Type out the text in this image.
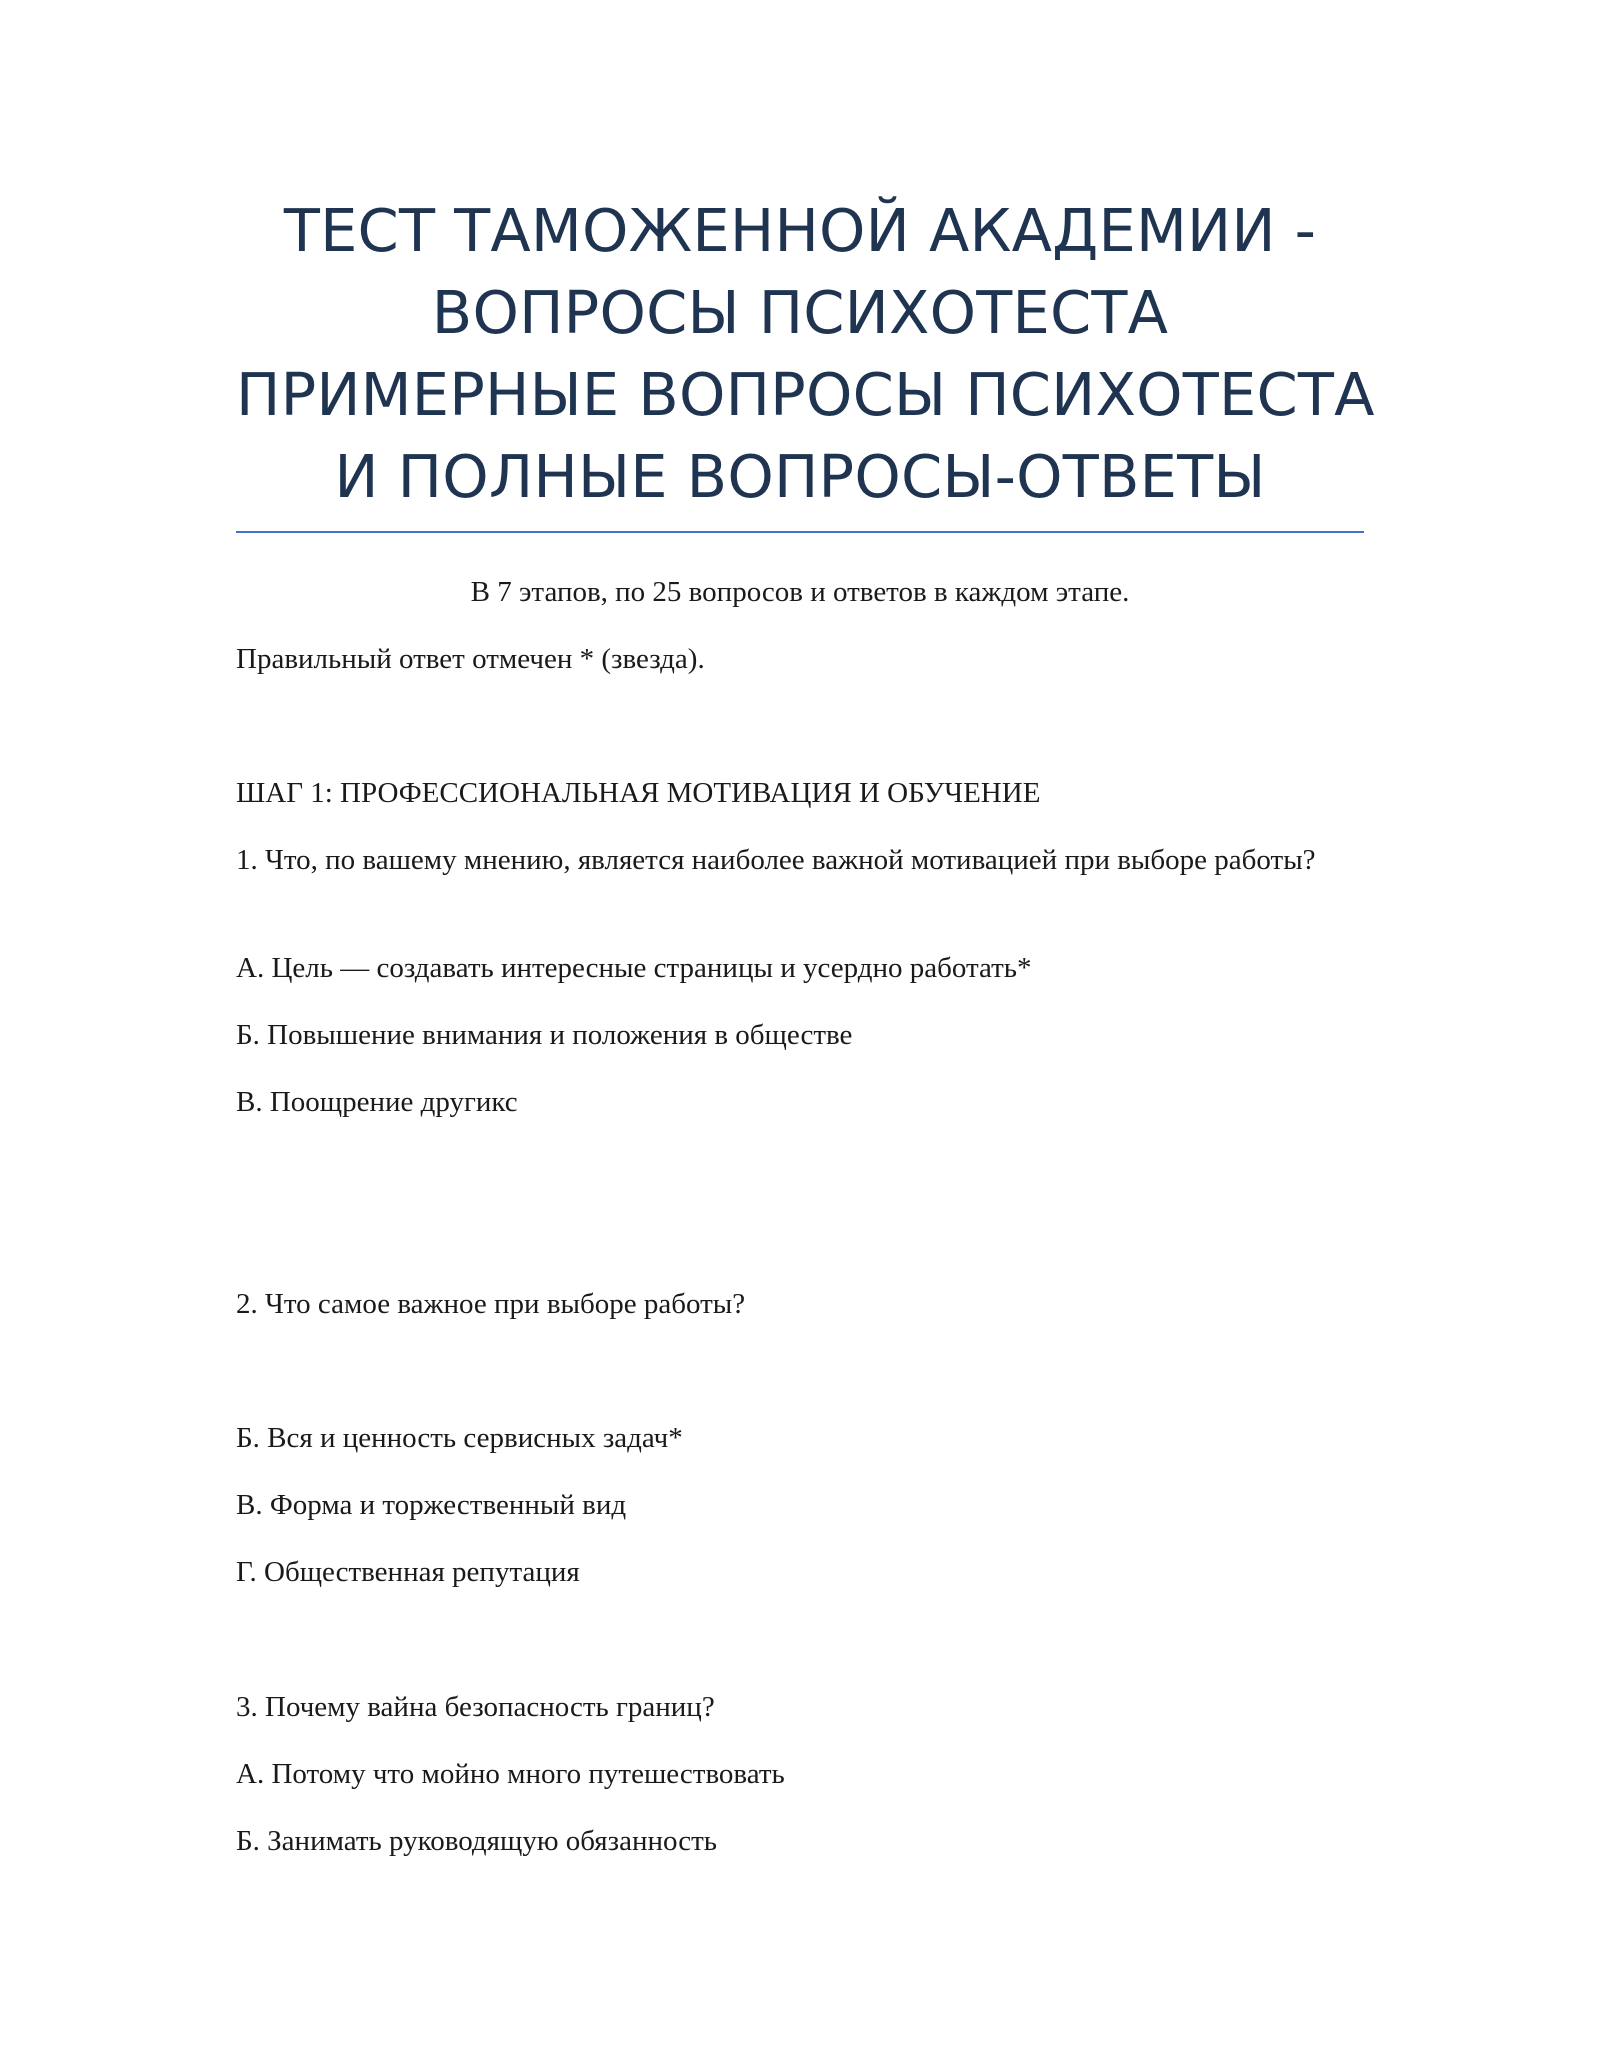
ТЕСТ ТАМОЖЕННОЙ АКАДЕМИИ -
ВОПРОСЫ ПСИХОТЕСТА
ПРИМЕРНЫЕ ВОПРОСЫ ПСИХОТЕСТА
И ПОЛНЫЕ ВОПРОСЫ-ОТВЕТЫ
В 7 этапов, по 25 вопросов и ответов в каждом этапе.
Правильный ответ отмечен * (звезда).
ШАГ 1: ПРОФЕССИОНАЛЬНАЯ МОТИВАЦИЯ И ОБУЧЕНИЕ
1. Что, по вашему мнению, является наиболее важной мотивацией при выборе работы?
А. Цель — создавать интересные страницы и усердно работать*
Б. Повышение внимания и положения в обществе
В. Поощрение другикс
2. Что самое важное при выборе работы?
Б. Вся и ценность сервисных задач*
В. Форма и торжественный вид
Г. Общественная репутация
3. Почему вайна безопасность границ?
А. Потому что мойно много путешествовать
Б. Занимать руководящую обязанность
